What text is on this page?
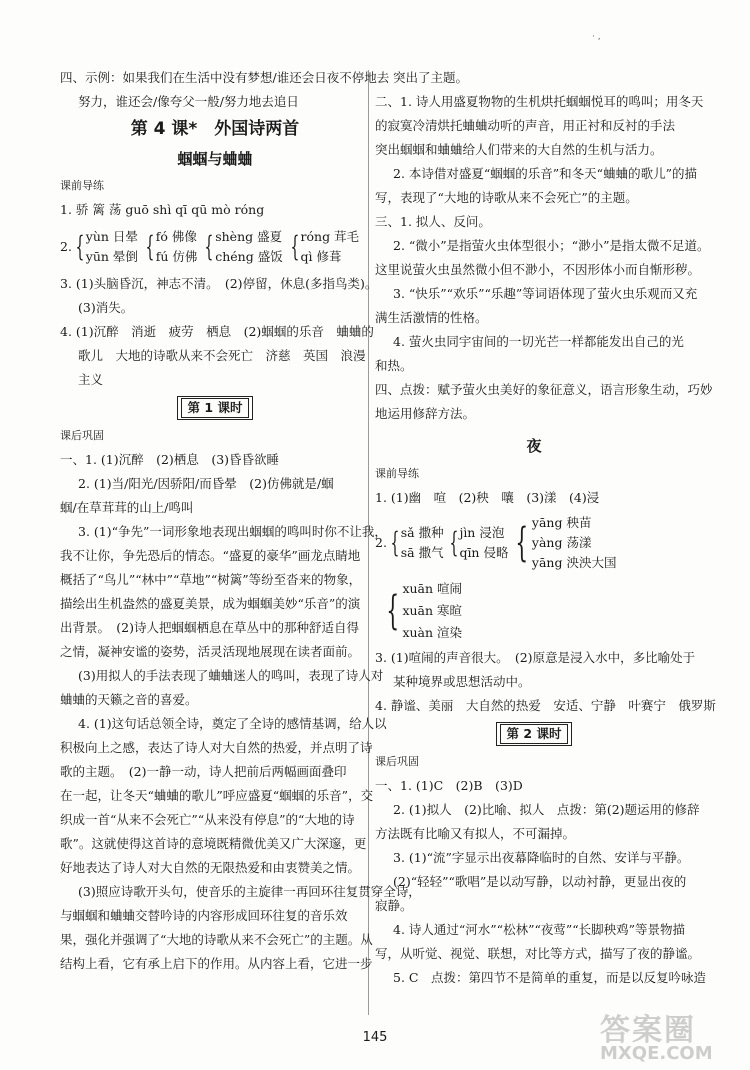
· ,
四、示例：如果我们在生活中没有梦想/谁还会日夜不停地去
努力，谁还会/像夸父一般/努力地去追日
第 4 课*　外国诗两首
蝈蝈与蛐蛐
课前导练
1. 骄 篱 荡 guō shì qī qū mò róng
2. { yùn 日晕
yūn 晕倒 { fó 佛像
fú 仿佛 { shèng 盛夏
chéng 盛饭 { róng 茸毛
qì 修葺
3. (1)头脑昏沉，神志不清。　(2)停留，休息(多指鸟类)。
(3)消失。
4. (1)沉醉　消逝　疲劳　栖息　(2)蝈蝈的乐音　蛐蛐的
歌儿　大地的诗歌从来不会死亡　济慈　英国　浪漫
主义
第 1 课时
课后巩固
一、1. (1)沉醉　(2)栖息　(3)昏昏欲睡
2. (1)当/阳光/因骄阳/而昏晕　(2)仿佛就是/蝈
蝈/在草茸茸的山上/鸣叫
3. (1)“争先”一词形象地表现出蝈蝈的鸣叫时你不让我，
我不让你，争先恐后的情态。“盛夏的豪华”画龙点睛地
概括了“鸟儿”“林中”“草地”“树篱”等纷至沓来的物象，
描绘出生机盎然的盛夏美景，成为蝈蝈美妙“乐音”的演
出背景。　(2)诗人把蝈蝈栖息在草丛中的那种舒适自得
之情，凝神安谧的姿势，活灵活现地展现在读者面前。
(3)用拟人的手法表现了蛐蛐迷人的鸣叫，表现了诗人对
蛐蛐的天籁之音的喜爱。
4. (1)这句话总领全诗，奠定了全诗的感情基调，给人以
积极向上之感，表达了诗人对大自然的热爱，并点明了诗
歌的主题。　(2)一静一动，诗人把前后两幅画面叠印
在一起，让冬天“蛐蛐的歌儿”呼应盛夏“蝈蝈的乐音”，交
织成一首“从来不会死亡”“从来没有停息”的“大地的诗
歌”。这就使得这首诗的意境既精微优美又广大深邃，更
好地表达了诗人对大自然的无限热爱和由衷赞美之情。
(3)照应诗歌开头句，使音乐的主旋律一再回环往复贯穿全诗，
与蝈蝈和蛐蛐交替吟诗的内容形成回环往复的音乐效
果，强化并强调了“大地的诗歌从来不会死亡”的主题。从
结构上看，它有承上启下的作用。从内容上看，它进一步
突出了主题。
二、1. 诗人用盛夏物物的生机烘托蝈蝈悦耳的鸣叫；用冬天
的寂寞冷清烘托蛐蛐动听的声音，用正衬和反衬的手法
突出蝈蝈和蛐蛐给人们带来的大自然的生机与活力。
2. 本诗借对盛夏“蝈蝈的乐音”和冬天“蛐蛐的歌儿”的描
写，表现了“大地的诗歌从来不会死亡”的主题。
三、1. 拟人、反问。
2. “微小”是指萤火虫体型很小；“渺小”是指太微不足道。
这里说萤火虫虽然微小但不渺小，不因形体小而自惭形秽。
3. “快乐”“欢乐”“乐趣”等词语体现了萤火虫乐观而又充
满生活激情的性格。
4. 萤火虫同宇宙间的一切光芒一样都能发出自己的光
和热。
四、点拨：赋予萤火虫美好的象征意义，语言形象生动，巧妙
地运用修辞方法。
夜
课前导练
1. (1)幽　喧　(2)秧　嚷　(3)漾　(4)浸
2. { sǎ 撒种
sā 撒气 { jìn 浸泡
qīn 侵略 { yāng 秧苗
yàng 荡漾
yāng 泱泱大国
{ xuān 喧闹
xuān 寒暄
xuàn 渲染
3. (1)喧闹的声音很大。　(2)原意是浸入水中，多比喻处于
某种境界或思想活动中。
4. 静谧、美丽　大自然的热爱　安适、宁静　叶赛宁　俄罗斯
第 2 课时
课后巩固
一、1. (1)C　(2)B　(3)D
2. (1)拟人　(2)比喻、拟人　点拨：第(2)题运用的修辞
方法既有比喻又有拟人，不可漏掉。
3. (1)“流”字显示出夜幕降临时的自然、安详与平静。
(2)“轻轻”“歌唱”是以动写静，以动衬静，更显出夜的
寂静。
4. 诗人通过“河水”“松林”“夜莺”“长脚秧鸡”等景物描
写，从听觉、视觉、联想，对比等方式，描写了夜的静谧。
5. C　点拨：第四节不是简单的重复，而是以反复吟咏造
145	答案圈
MXQE.COM
